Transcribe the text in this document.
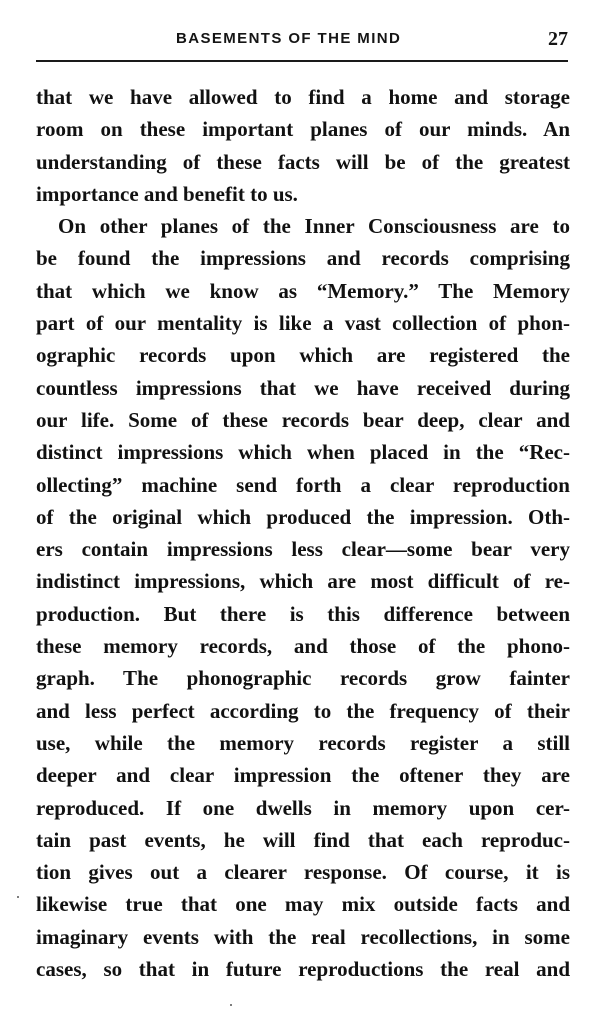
BASEMENTS OF THE MIND	27
that we have allowed to find a home and storage
room on these important planes of our minds. An
understanding of these facts will be of the greatest
importance and benefit to us.
On other planes of the Inner Consciousness are to
be found the impressions and records comprising
that which we know as “Memory.” The Memory
part of our mentality is like a vast collection of phon-
ographic records upon which are registered the
countless impressions that we have received during
our life. Some of these records bear deep, clear and
distinct impressions which when placed in the “Rec-
ollecting” machine send forth a clear reproduction
of the original which produced the impression. Oth-
ers contain impressions less clear—some bear very
indistinct impressions, which are most difficult of re-
production. But there is this difference between
these memory records, and those of the phono-
graph. The phonographic records grow fainter
and less perfect according to the frequency of their
use, while the memory records register a still
deeper and clear impression the oftener they are
reproduced. If one dwells in memory upon cer-
tain past events, he will find that each reproduc-
tion gives out a clearer response. Of course, it is
likewise true that one may mix outside facts and
imaginary events with the real recollections, in some
cases, so that in future reproductions the real and
